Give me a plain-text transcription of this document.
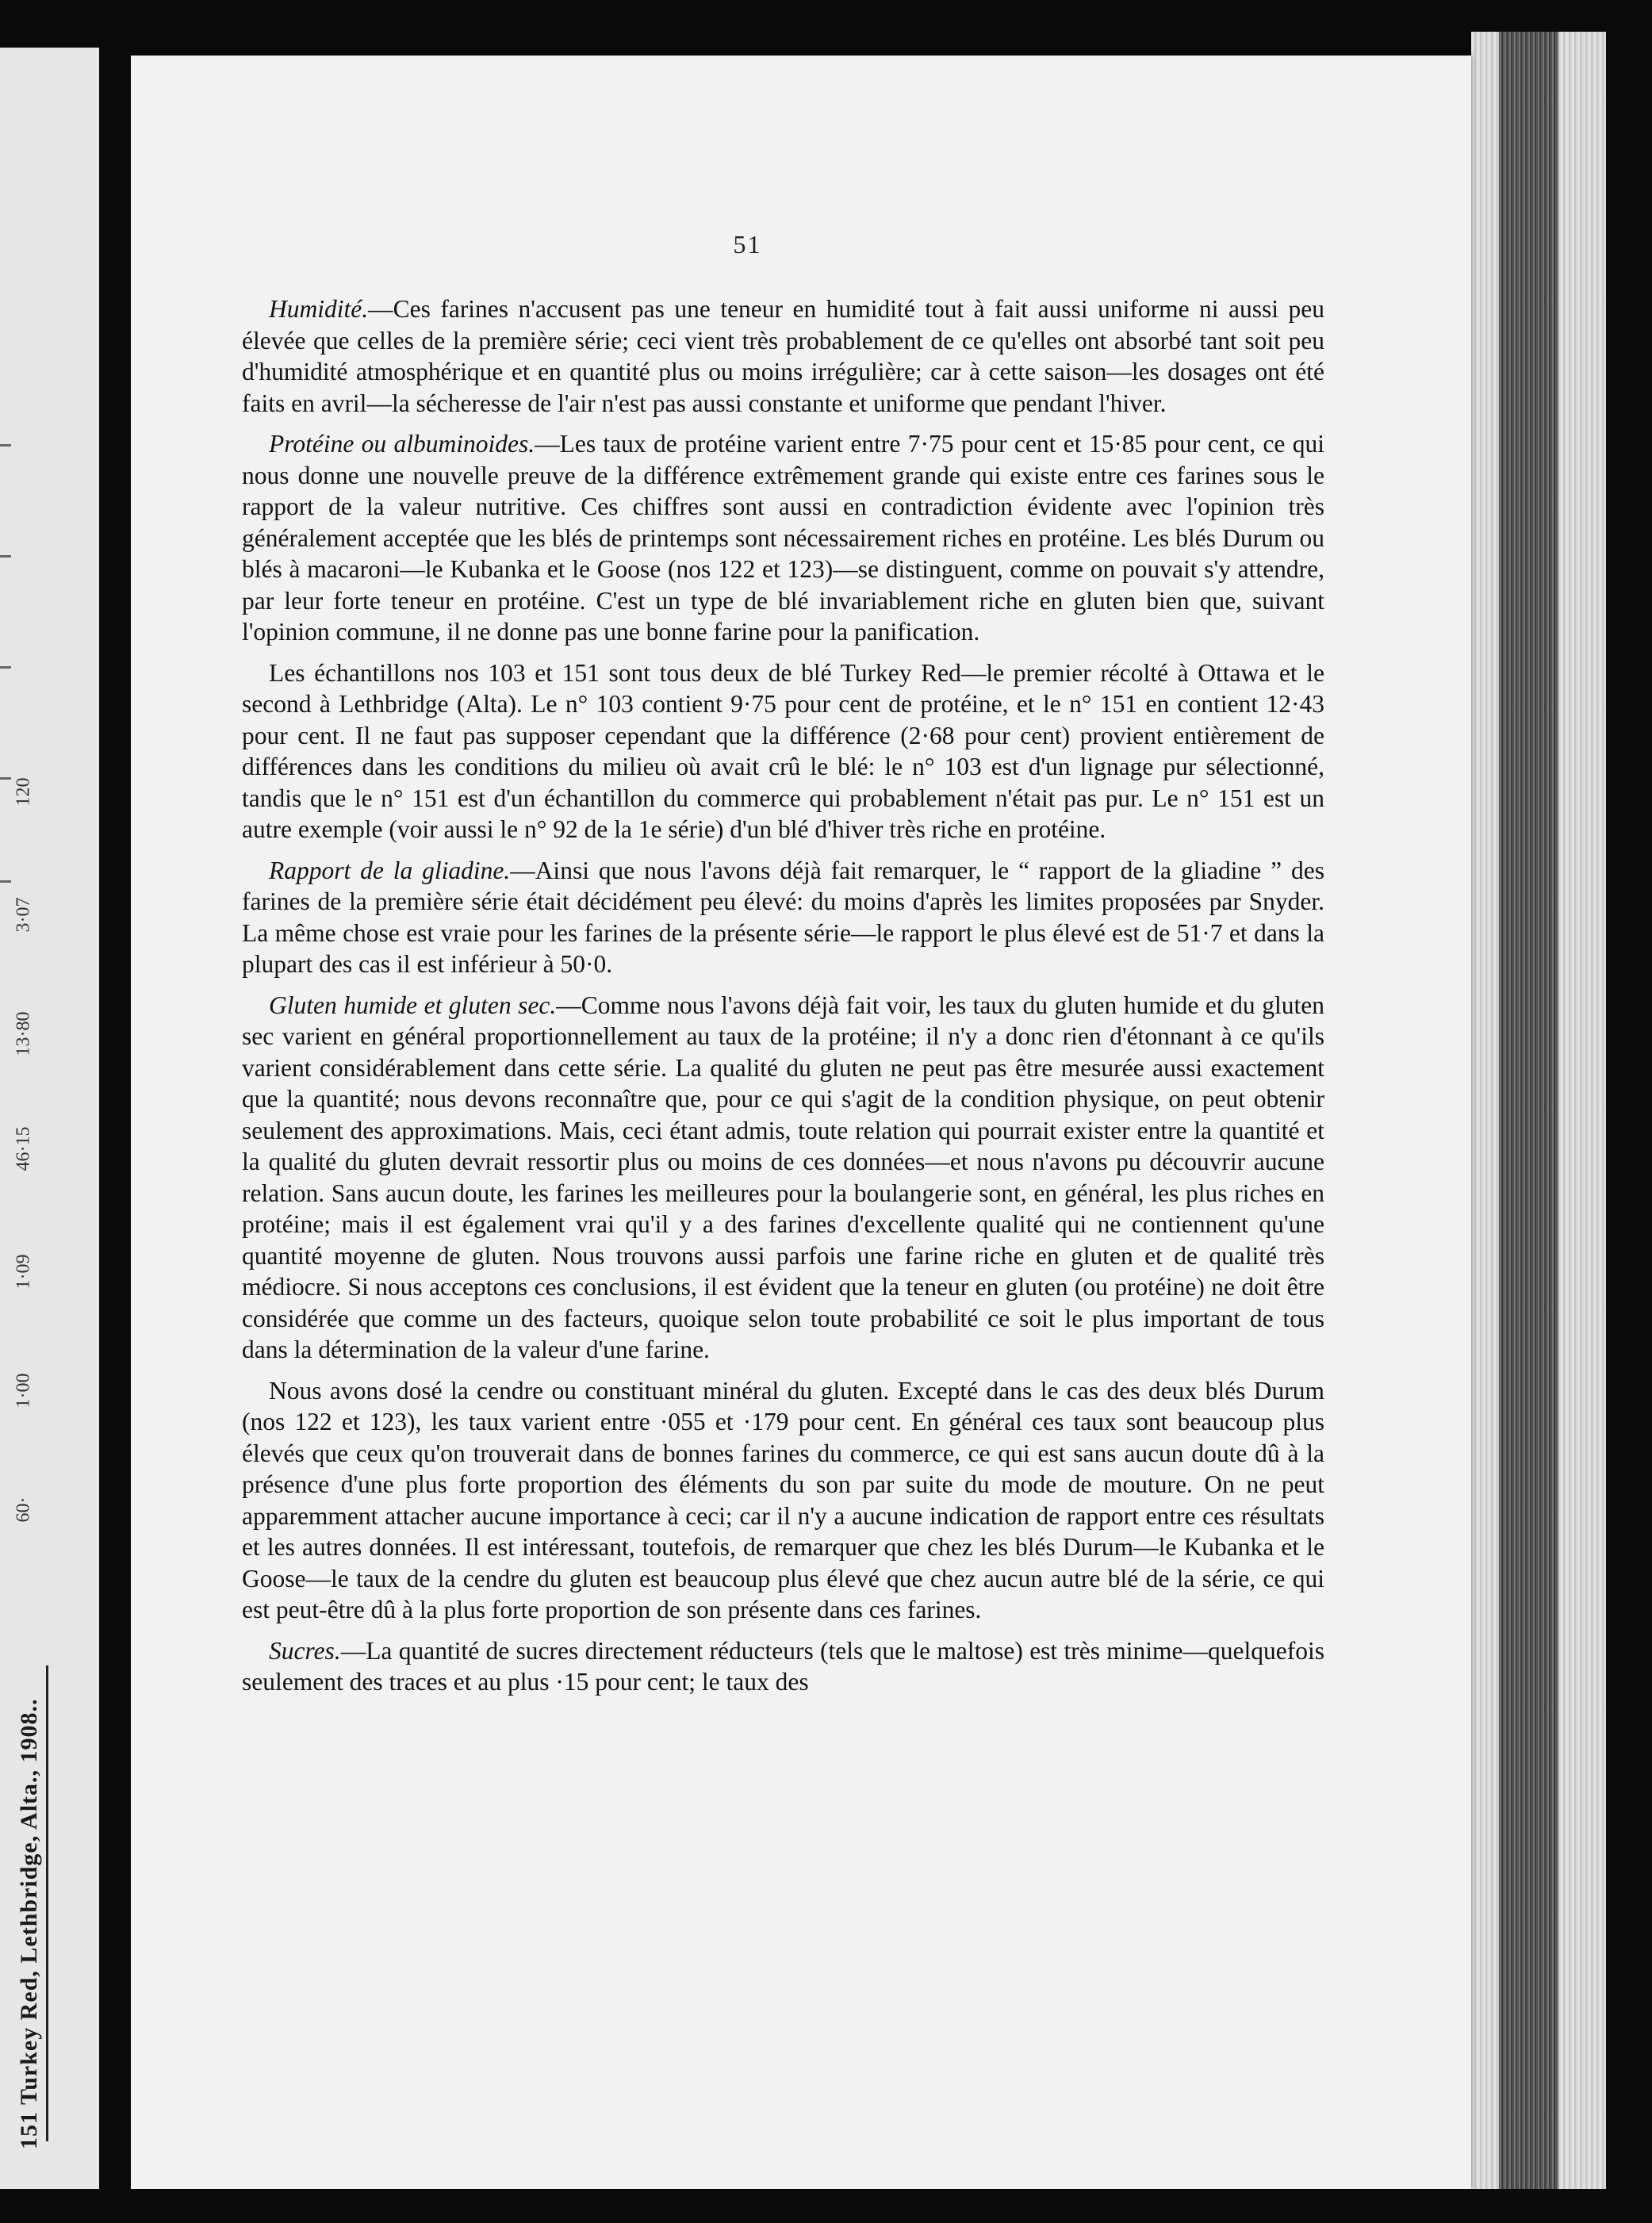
151 Turkey Red, Lethbridge, Alta., 1908..
60·
1·00
1·09
46·15
13·80
3·07
120
51

Humidité.—Ces farines n'accusent pas une teneur en humidité tout à fait aussi uniforme ni aussi peu élevée que celles de la première série; ceci vient très probablement de ce qu'elles ont absorbé tant soit peu d'humidité atmosphérique et en quantité plus ou moins irrégulière; car à cette saison—les dosages ont été faits en avril—la sécheresse de l'air n'est pas aussi constante et uniforme que pendant l'hiver.

Protéine ou albuminoides.—Les taux de protéine varient entre 7·75 pour cent et 15·85 pour cent, ce qui nous donne une nouvelle preuve de la différence extrêmement grande qui existe entre ces farines sous le rapport de la valeur nutritive. Ces chiffres sont aussi en contradiction évidente avec l'opinion très généralement acceptée que les blés de printemps sont nécessairement riches en protéine. Les blés Durum ou blés à macaroni—le Kubanka et le Goose (nos 122 et 123)—se distinguent, comme on pouvait s'y attendre, par leur forte teneur en protéine. C'est un type de blé invariablement riche en gluten bien que, suivant l'opinion commune, il ne donne pas une bonne farine pour la panification.

Les échantillons nos 103 et 151 sont tous deux de blé Turkey Red—le premier récolté à Ottawa et le second à Lethbridge (Alta). Le n° 103 contient 9·75 pour cent de protéine, et le n° 151 en contient 12·43 pour cent. Il ne faut pas supposer cependant que la différence (2·68 pour cent) provient entièrement de différences dans les conditions du milieu où avait crû le blé: le n° 103 est d'un lignage pur sélectionné, tandis que le n° 151 est d'un échantillon du commerce qui probablement n'était pas pur. Le n° 151 est un autre exemple (voir aussi le n° 92 de la 1e série) d'un blé d'hiver très riche en protéine.

Rapport de la gliadine.—Ainsi que nous l'avons déjà fait remarquer, le “ rapport de la gliadine ” des farines de la première série était décidément peu élevé: du moins d'après les limites proposées par Snyder. La même chose est vraie pour les farines de la présente série—le rapport le plus élevé est de 51·7 et dans la plupart des cas il est inférieur à 50·0.

Gluten humide et gluten sec.—Comme nous l'avons déjà fait voir, les taux du gluten humide et du gluten sec varient en général proportionnellement au taux de la protéine; il n'y a donc rien d'étonnant à ce qu'ils varient considérablement dans cette série. La qualité du gluten ne peut pas être mesurée aussi exactement que la quantité; nous devons reconnaître que, pour ce qui s'agit de la condition physique, on peut obtenir seulement des approximations. Mais, ceci étant admis, toute relation qui pourrait exister entre la quantité et la qualité du gluten devrait ressortir plus ou moins de ces données—et nous n'avons pu découvrir aucune relation. Sans aucun doute, les farines les meilleures pour la boulangerie sont, en général, les plus riches en protéine; mais il est également vrai qu'il y a des farines d'excellente qualité qui ne contiennent qu'une quantité moyenne de gluten. Nous trouvons aussi parfois une farine riche en gluten et de qualité très médiocre. Si nous acceptons ces conclusions, il est évident que la teneur en gluten (ou protéine) ne doit être considérée que comme un des facteurs, quoique selon toute probabilité ce soit le plus important de tous dans la détermination de la valeur d'une farine.

Nous avons dosé la cendre ou constituant minéral du gluten. Excepté dans le cas des deux blés Durum (nos 122 et 123), les taux varient entre ·055 et ·179 pour cent. En général ces taux sont beaucoup plus élevés que ceux qu'on trouverait dans de bonnes farines du commerce, ce qui est sans aucun doute dû à la présence d'une plus forte proportion des éléments du son par suite du mode de mouture. On ne peut apparemment attacher aucune importance à ceci; car il n'y a aucune indication de rapport entre ces résultats et les autres données. Il est intéressant, toutefois, de remarquer que chez les blés Durum—le Kubanka et le Goose—le taux de la cendre du gluten est beaucoup plus élevé que chez aucun autre blé de la série, ce qui est peut-être dû à la plus forte proportion de son présente dans ces farines.

Sucres.—La quantité de sucres directement réducteurs (tels que le maltose) est très minime—quelquefois seulement des traces et au plus ·15 pour cent; le taux des
